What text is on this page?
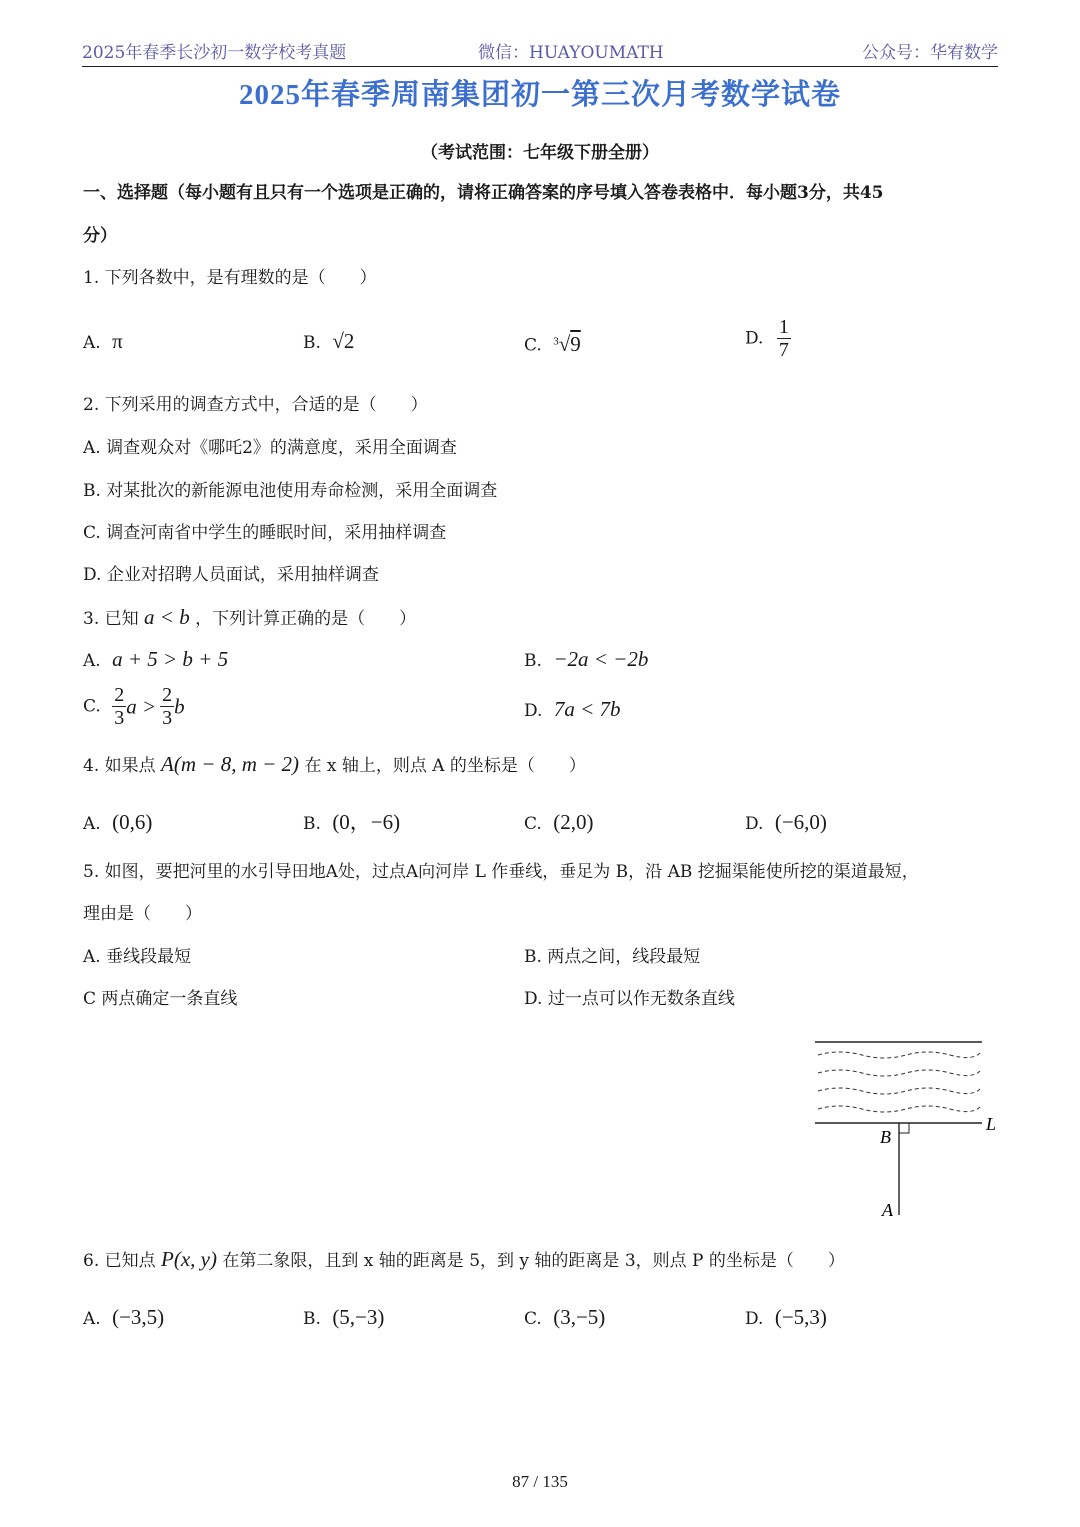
2025年春季长沙初一数学校考真题	微信：HUAYOUMATH	公众号：华宥数学
2025年春季周南集团初一第三次月考数学试卷
（考试范围：七年级下册全册）
一、选择题（每小题有且只有一个选项是正确的，请将正确答案的序号填入答卷表格中．每小题3分，共45
分）
1. 下列各数中，是有理数的是（　　）
A. π	B. √2	C. $^3$√9	D. $\frac{1}{7}$
2. 下列采用的调查方式中，合适的是（　　）
A. 调查观众对《哪吒2》的满意度，采用全面调查
B. 对某批次的新能源电池使用寿命检测，采用全面调查
C. 调查河南省中学生的睡眠时间，采用抽样调查
D. 企业对招聘人员面试，采用抽样调查
3. 已知 a < b ，下列计算正确的是（　　）
A. a + 5 > b + 5	B. −2a < −2b
C. $\frac{2}{3}$ $a > \frac{2}{3}$ b	D. 7a < 7b
4. 如果点 A(m − 8, m − 2) 在 x 轴上，则点 A 的坐标是（　　）
A. (0,6)	B. (0，−6)	C. (2,0)	D. (−6,0)
5. 如图，要把河里的水引导田地A处，过点A向河岸 L 作垂线，垂足为 B，沿 AB 挖掘渠能使所挖的渠道最短，
理由是（　　）
A. 垂线段最短	B. 两点之间，线段最短
C 两点确定一条直线	D. 过一点可以作无数条直线
B
L
A
6. 已知点 P(x, y) 在第二象限，且到 x 轴的距离是 5，到 y 轴的距离是 3，则点 P 的坐标是（　　）
A. (−3,5)	B. (5,−3)	C. (3,−5)	D. (−5,3)
87 / 135
